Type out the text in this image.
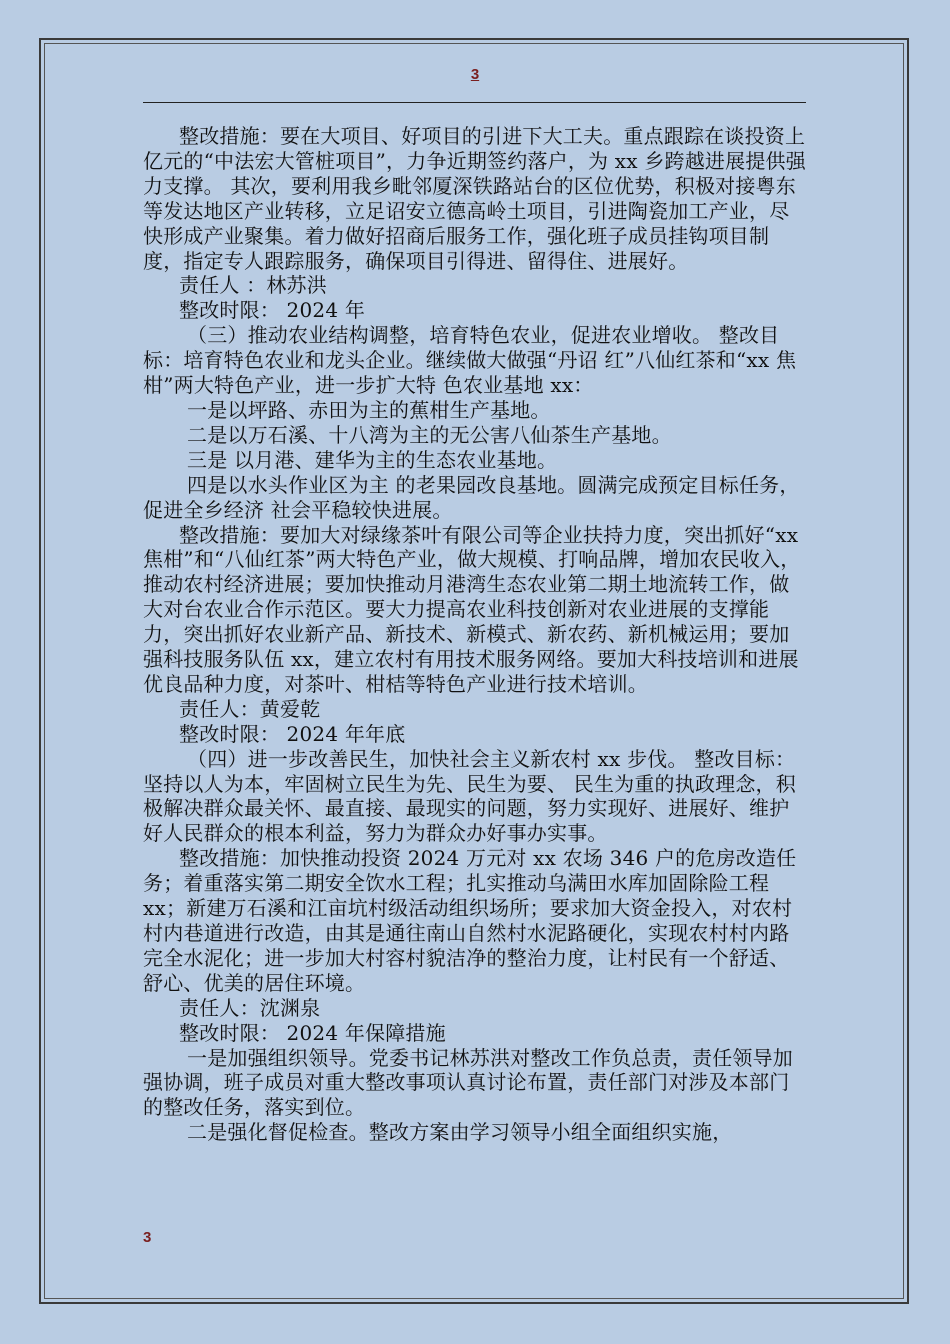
3

整改措施：要在大项目、好项目的引进下大工夫。重点跟踪在谈投资上亿元的“中法宏大管桩项目”，力争近期签约落户，为 xx 乡跨越进展提供强力支撑。 其次，要利用我乡毗邻厦深铁路站台的区位优势，积极对接粤东等发达地区产业转移，立足诏安立德高岭土项目，引进陶瓷加工产业，尽快形成产业聚集。着力做好招商后服务工作，强化班子成员挂钩项目制度，指定专人跟踪服务，确保项目引得进、留得住、进展好。

责任人 ：林苏洪

整改时限： 2024 年

（三）推动农业结构调整，培育特色农业，促进农业增收。 整改目标：培育特色农业和龙头企业。继续做大做强“丹诏 红”八仙红茶和“xx 焦柑”两大特色产业，进一步扩大特 色农业基地 xx：

一是以坪路、赤田为主的蕉柑生产基地。

二是以万石溪、十八湾为主的无公害八仙茶生产基地。

三是 以月港、建华为主的生态农业基地。

四是以水头作业区为主 的老果园改良基地。圆满完成预定目标任务，促进全乡经济 社会平稳较快进展。

整改措施：要加大对绿缘茶叶有限公司等企业扶持力度，突出抓好“xx 焦柑”和“八仙红茶”两大特色产业，做大规模、打响品牌，增加农民收入，推动农村经济进展；要加快推动月港湾生态农业第二期土地流转工作，做大对台农业合作示范区。要大力提高农业科技创新对农业进展的支撑能力，突出抓好农业新产品、新技术、新模式、新农药、新机械运用；要加强科技服务队伍 xx，建立农村有用技术服务网络。要加大科技培训和进展优良品种力度，对茶叶、柑桔等特色产业进行技术培训。

责任人：黄爱乾

整改时限： 2024 年年底

（四）进一步改善民生，加快社会主义新农村 xx 步伐。 整改目标：坚持以人为本，牢固树立民生为先、民生为要、 民生为重的执政理念，积极解决群众最关怀、最直接、最现实的问题，努力实现好、进展好、维护好人民群众的根本利益，努力为群众办好事办实事。

整改措施：加快推动投资 2024 万元对 xx 农场 346 户的危房改造任务；着重落实第二期安全饮水工程；扎实推动乌满田水库加固除险工程 xx；新建万石溪和江亩坑村级活动组织场所；要求加大资金投入，对农村村内巷道进行改造，由其是通往南山自然村水泥路硬化，实现农村村内路完全水泥化；进一步加大村容村貌洁净的整治力度，让村民有一个舒适、舒心、优美的居住环境。

责任人：沈渊泉

整改时限： 2024 年保障措施

一是加强组织领导。党委书记林苏洪对整改工作负总责，责任领导加强协调，班子成员对重大整改事项认真讨论布置，责任部门对涉及本部门的整改任务，落实到位。

二是强化督促检查。整改方案由学习领导小组全面组织实施，

3
